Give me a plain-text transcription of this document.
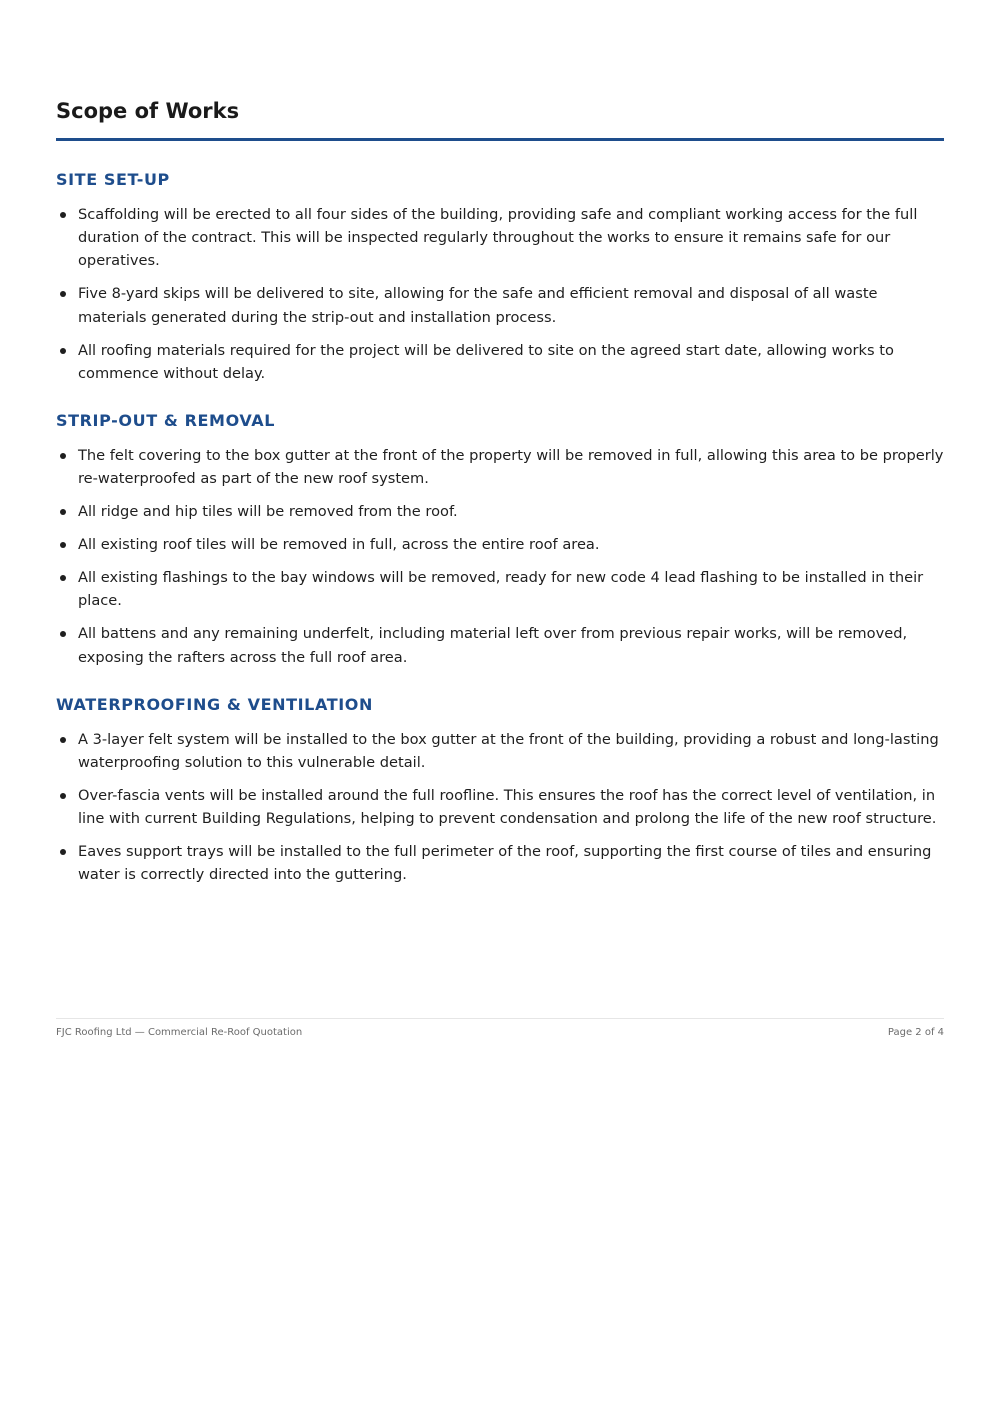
Scope of Works
SITE SET-UP
Scaffolding will be erected to all four sides of the building, providing safe and compliant working access for the full duration of the contract. This will be inspected regularly throughout the works to ensure it remains safe for our operatives.
Five 8-yard skips will be delivered to site, allowing for the safe and efficient removal and disposal of all waste materials generated during the strip-out and installation process.
All roofing materials required for the project will be delivered to site on the agreed start date, allowing works to commence without delay.
STRIP-OUT & REMOVAL
The felt covering to the box gutter at the front of the property will be removed in full, allowing this area to be properly re-waterproofed as part of the new roof system.
All ridge and hip tiles will be removed from the roof.
All existing roof tiles will be removed in full, across the entire roof area.
All existing flashings to the bay windows will be removed, ready for new code 4 lead flashing to be installed in their place.
All battens and any remaining underfelt, including material left over from previous repair works, will be removed, exposing the rafters across the full roof area.
WATERPROOFING & VENTILATION
A 3-layer felt system will be installed to the box gutter at the front of the building, providing a robust and long-lasting waterproofing solution to this vulnerable detail.
Over-fascia vents will be installed around the full roofline. This ensures the roof has the correct level of ventilation, in line with current Building Regulations, helping to prevent condensation and prolong the life of the new roof structure.
Eaves support trays will be installed to the full perimeter of the roof, supporting the first course of tiles and ensuring water is correctly directed into the guttering.
FJC Roofing Ltd — Commercial Re-Roof Quotation	Page 2 of 4
